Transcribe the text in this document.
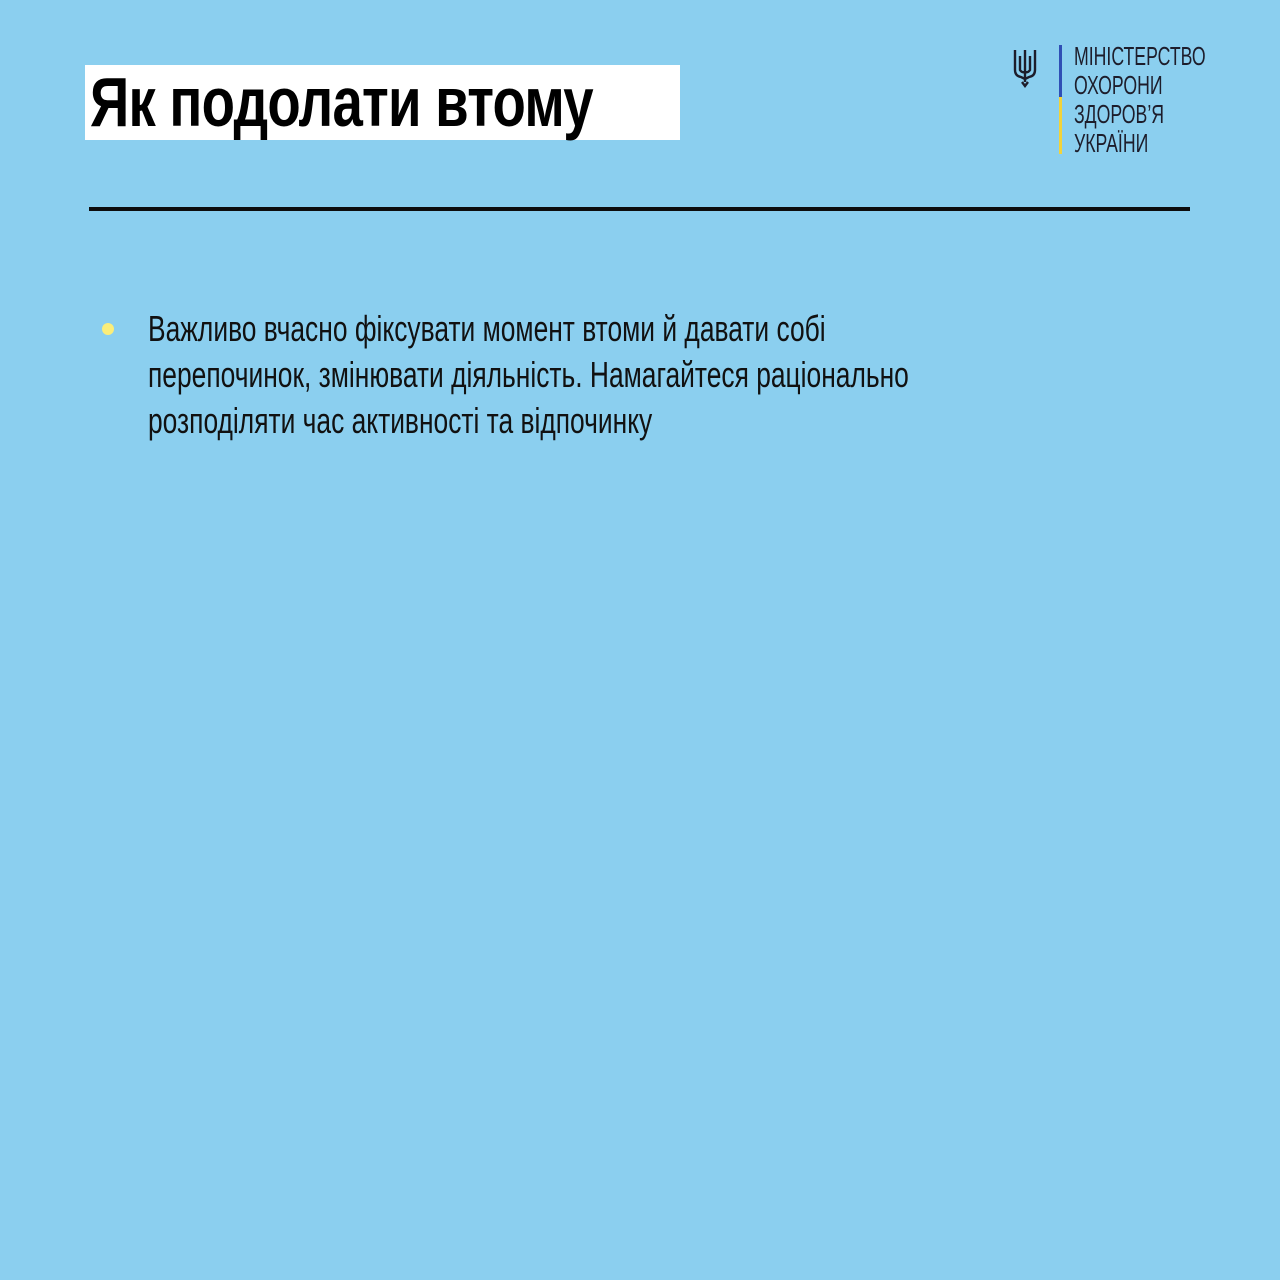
Як подолати втому
МІНІСТЕРСТВО
ОХОРОНИ
ЗДОРОВ’Я
УКРАЇНИ
Важливо вчасно фіксувати момент втоми й давати собі
перепочинок, змінювати діяльність. Намагайтеся раціонально
розподіляти час активності та відпочинку
